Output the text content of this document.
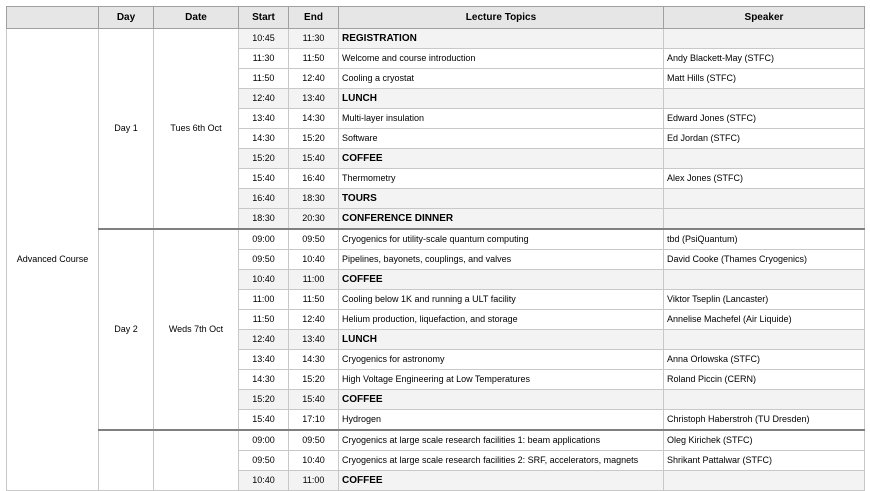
	Day	Date	Start	End	Lecture Topics	Speaker
Advanced Course	Day 1	Tues 6th Oct	10:45	11:30	REGISTRATION	
			11:30	11:50	Welcome and course introduction	Andy Blackett-May (STFC)
			11:50	12:40	Cooling a cryostat	Matt Hills (STFC)
			12:40	13:40	LUNCH	
			13:40	14:30	Multi-layer insulation	Edward Jones (STFC)
			14:30	15:20	Software	Ed Jordan (STFC)
			15:20	15:40	COFFEE	
			15:40	16:40	Thermometry	Alex Jones (STFC)
			16:40	18:30	TOURS	
			18:30	20:30	CONFERENCE DINNER	
	Day 2	Weds 7th Oct	09:00	09:50	Cryogenics for utility-scale quantum computing	tbd (PsiQuantum)
			09:50	10:40	Pipelines, bayonets, couplings, and valves	David Cooke (Thames Cryogenics)
			10:40	11:00	COFFEE	
			11:00	11:50	Cooling below 1K and running a ULT facility	Viktor Tseplin (Lancaster)
			11:50	12:40	Helium production, liquefaction, and storage	Annelise Machefel (Air Liquide)
			12:40	13:40	LUNCH	
			13:40	14:30	Cryogenics for astronomy	Anna Orlowska (STFC)
			14:30	15:20	High Voltage Engineering at Low Temperatures	Roland Piccin (CERN)
			15:20	15:40	COFFEE	
			15:40	17:10	Hydrogen	Christoph Haberstroh (TU Dresden)
			09:00	09:50	Cryogenics at large scale research facilities 1: beam applications	Oleg Kirichek (STFC)
			09:50	10:40	Cryogenics at large scale research facilities 2: SRF, accelerators, magnets	Shrikant Pattalwar (STFC)
			10:40	11:00	COFFEE	
